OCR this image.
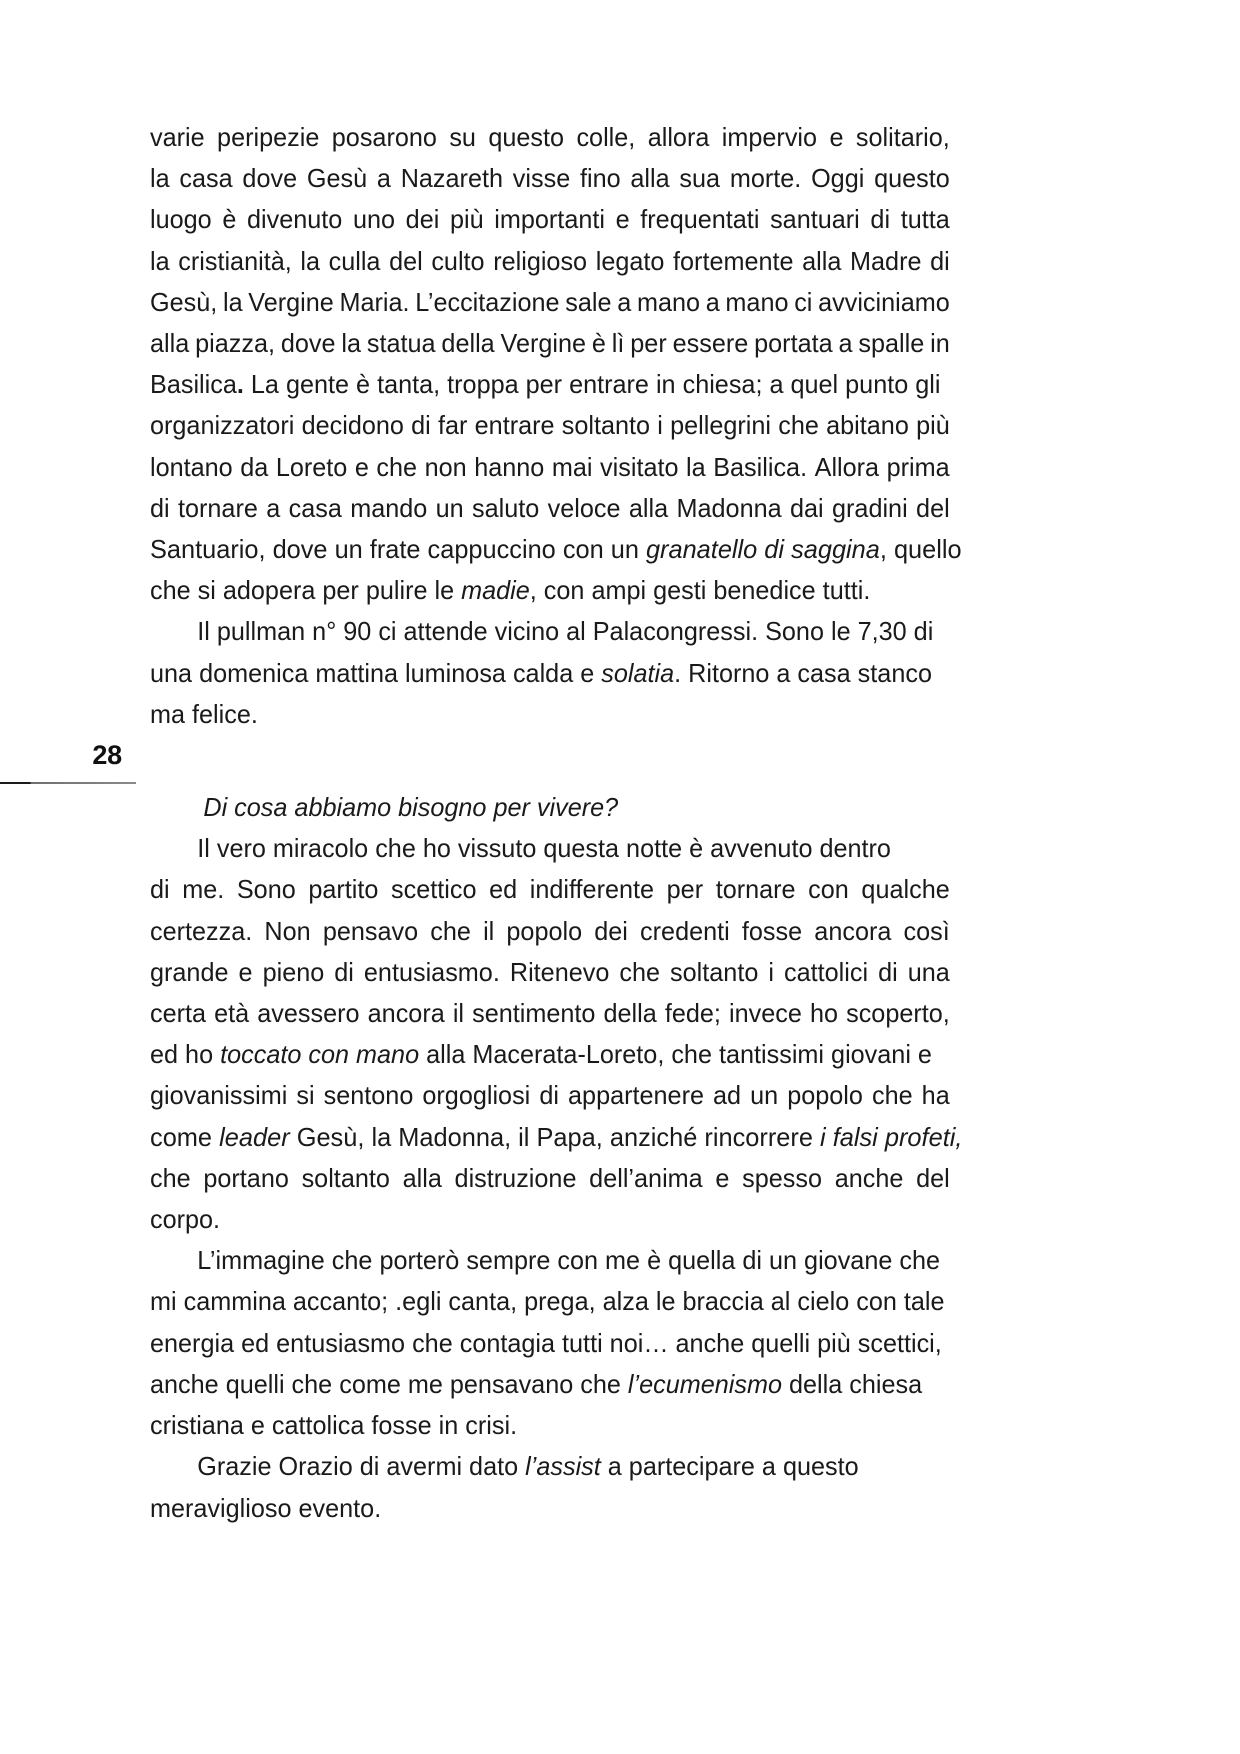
28
varie peripezie posarono su questo colle, allora impervio e solitario,
la casa dove Gesù a Nazareth visse fino alla sua morte. Oggi questo
luogo è divenuto uno dei più importanti e frequentati santuari di tutta
la cristianità, la culla del culto religioso legato fortemente alla Madre di
Gesù, la Vergine Maria. L’eccitazione sale a mano a mano ci avviciniamo
alla piazza, dove la statua della Vergine è lì per essere portata a spalle in
Basilica. La gente è tanta, troppa per entrare in chiesa; a quel punto gli
organizzatori decidono di far entrare soltanto i pellegrini che abitano più
lontano da Loreto e che non hanno mai visitato la Basilica. Allora prima
di tornare a casa mando un saluto veloce alla Madonna dai gradini del
Santuario, dove un frate cappuccino con un granatello di saggina, quello
che si adopera per pulire le madie, con ampi gesti benedice tutti.
Il pullman n° 90 ci attende vicino al Palacongressi. Sono le 7,30 di
una domenica mattina luminosa calda e solatia. Ritorno a casa stanco
ma felice.
Di cosa abbiamo bisogno per vivere?
Il vero miracolo che ho vissuto questa notte è avvenuto dentro
di me. Sono partito scettico ed indifferente per tornare con qualche
certezza. Non pensavo che il popolo dei credenti fosse ancora così
grande e pieno di entusiasmo. Ritenevo che soltanto i cattolici di una
certa età avessero ancora il sentimento della fede; invece ho scoperto,
ed ho toccato con mano alla Macerata-Loreto, che tantissimi giovani e
giovanissimi si sentono orgogliosi di appartenere ad un popolo che ha
come leader Gesù, la Madonna, il Papa, anziché rincorrere i falsi profeti,
che portano soltanto alla distruzione dell’anima e spesso anche del
corpo.
L’immagine che porterò sempre con me è quella di un giovane che
mi cammina accanto; .egli canta, prega, alza le braccia al cielo con tale
energia ed entusiasmo che contagia tutti noi… anche quelli più scettici,
anche quelli che come me pensavano che l’ecumenismo della chiesa
cristiana e cattolica fosse in crisi.
Grazie Orazio di avermi dato l’assist a partecipare a questo
meraviglioso evento.
